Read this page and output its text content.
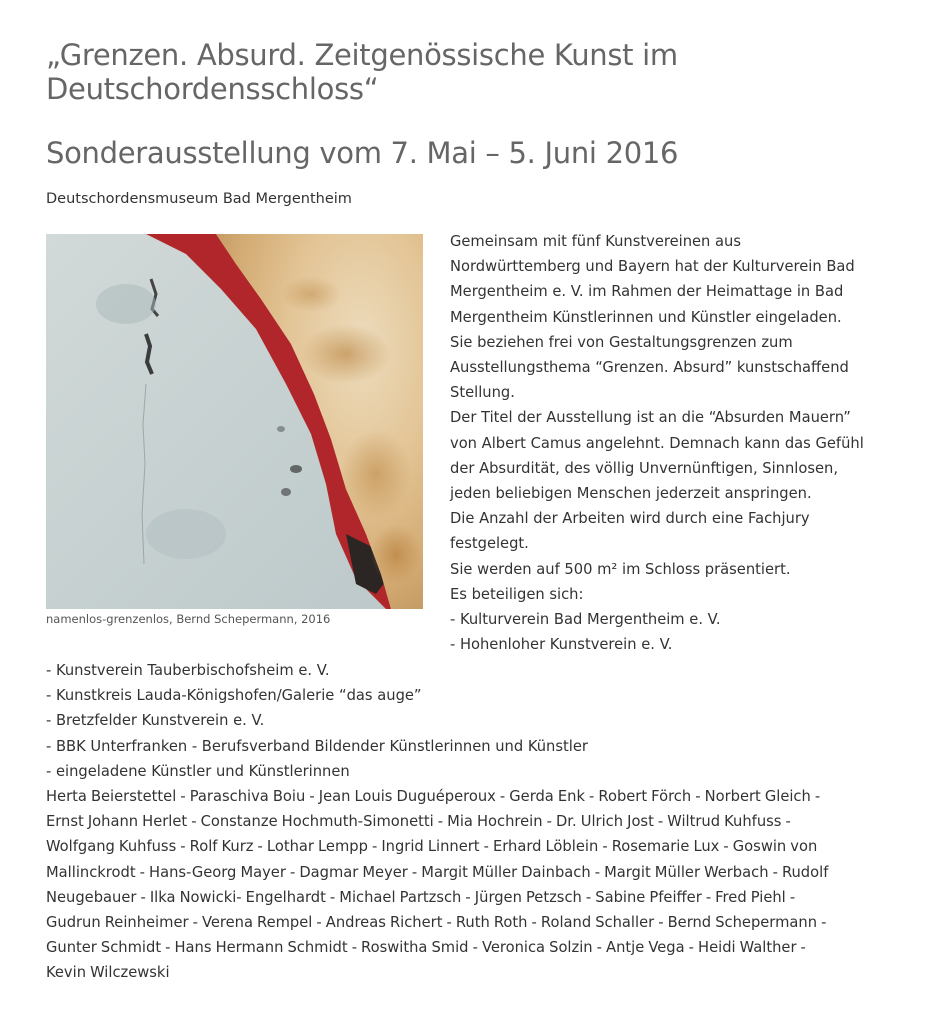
„Grenzen. Absurd. Zeitgenössische Kunst im Deutschordensschloss“
Sonderausstellung vom 7. Mai – 5. Juni 2016

Deutschordensmuseum Bad Mergentheim

namenlos-grenzenlos, Bernd Schepermann, 2016

Gemeinsam mit fünf Kunstvereinen aus

Nordwürttemberg und Bayern hat der Kulturverein Bad

Mergentheim e. V. im Rahmen der Heimattage in Bad

Mergentheim Künstlerinnen und Künstler eingeladen.

Sie beziehen frei von Gestaltungsgrenzen zum

Ausstellungsthema “Grenzen. Absurd” kunstschaffend

Stellung.

Der Titel der Ausstellung ist an die “Absurden Mauern”

von Albert Camus angelehnt. Demnach kann das Gefühl

der Absurdität, des völlig Unvernünftigen, Sinnlosen,

jeden beliebigen Menschen jederzeit anspringen.

Die Anzahl der Arbeiten wird durch eine Fachjury

festgelegt.

Sie werden auf 500 m² im Schloss präsentiert.

Es beteiligen sich:

- Kulturverein Bad Mergentheim e. V.

- Hohenloher Kunstverein e. V.

- Kunstverein Tauberbischofsheim e. V.

- Kunstkreis Lauda-Königshofen/Galerie “das auge”

- Bretzfelder Kunstverein e. V.

- BBK Unterfranken - Berufsverband Bildender Künstlerinnen und Künstler

- eingeladene Künstler und Künstlerinnen

Herta Beierstettel - Paraschiva Boiu - Jean Louis Duguéperoux - Gerda Enk - Robert Förch - Norbert Gleich -

Ernst Johann Herlet - Constanze Hochmuth-Simonetti - Mia Hochrein - Dr. Ulrich Jost - Wiltrud Kuhfuss -

Wolfgang Kuhfuss - Rolf Kurz - Lothar Lempp - Ingrid Linnert - Erhard Löblein - Rosemarie Lux - Goswin von

Mallinckrodt - Hans-Georg Mayer - Dagmar Meyer - Margit Müller Dainbach - Margit Müller Werbach - Rudolf

Neugebauer - Ilka Nowicki- Engelhardt - Michael Partzsch - Jürgen Petzsch - Sabine Pfeiffer - Fred Piehl -

Gudrun Reinheimer - Verena Rempel - Andreas Richert - Ruth Roth - Roland Schaller - Bernd Schepermann -

Gunter Schmidt - Hans Hermann Schmidt - Roswitha Smid - Veronica Solzin - Antje Vega - Heidi Walther -

Kevin Wilczewski
